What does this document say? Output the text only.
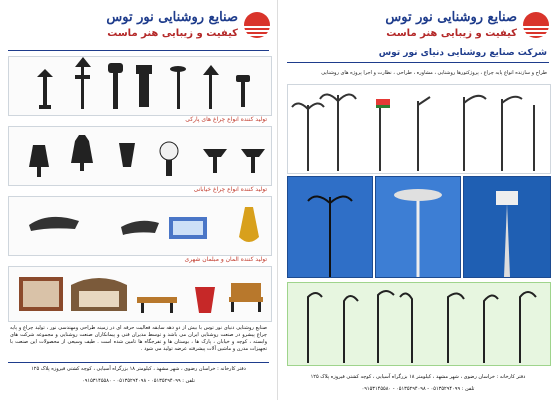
صنایع روشنایی نور توس
کیفیت و زیبایی هنر ماست
تولید کننده انواع چراغ های پارکی
تولید کننده انواع چراغ خیابانی
تولید کننده المان و مبلمان شهری
صنایع روشنایی دنیای نور توس با بیش از دو دهه سابقه فعالیت حرفه ای در زمینه طراحی ومهندسی نور ، تولید چراغ و پایه چراغ پیشرو در صنعت روشنایی ایران می باشد و توسط مدیران فنی و پیمانکاران صنعت روشنایی و مجموعه شرکت های وابسته ، کوچه و خیابان ، پارک ها ، بوستان ها و تفرجگاه ها تامین شده است . طیف وسیعی از محصولات این صنعت با تجهیزات مدرن و ماشین آلات پیشرفته عرضه تولید می شود .
دفتر کارخانه : خراسان رضوی ، شهر مشهد ، کیلومتر ۱۸ بزرگراه آسیایی ، کوچه کشتی فیروزه پلاک ۱۲۵
تلفن : ۰۵۱۳۵۲۹۴۰۹۹ - ۰۵۱۳۵۲۹۴۰۹۸ - ۰۹۱۵۳۱۴۵۵۸۰
صنایع روشنایی نور توس
کیفیت و زیبایی هنر ماست
شرکت صنایع روشنایی دنیای نور توس
طراح و سازنده انواع پایه چراغ ، پروژکتورها روشنایی ، مشاوره ، طراحی ، نظارت و اجرا پروژه های روشنایی
دفتر کارخانه : خراسان رضوی ، شهر مشهد ، کیلومتر ۱۸ بزرگراه آسیایی ، کوچه کشتی فیروزه پلاک ۱۲۵
تلفن : ۰۵۱۳۵۲۹۴۰۹۹ - ۰۵۱۳۵۲۹۴۰۹۸ - ۰۹۱۵۳۱۴۵۵۸۰
